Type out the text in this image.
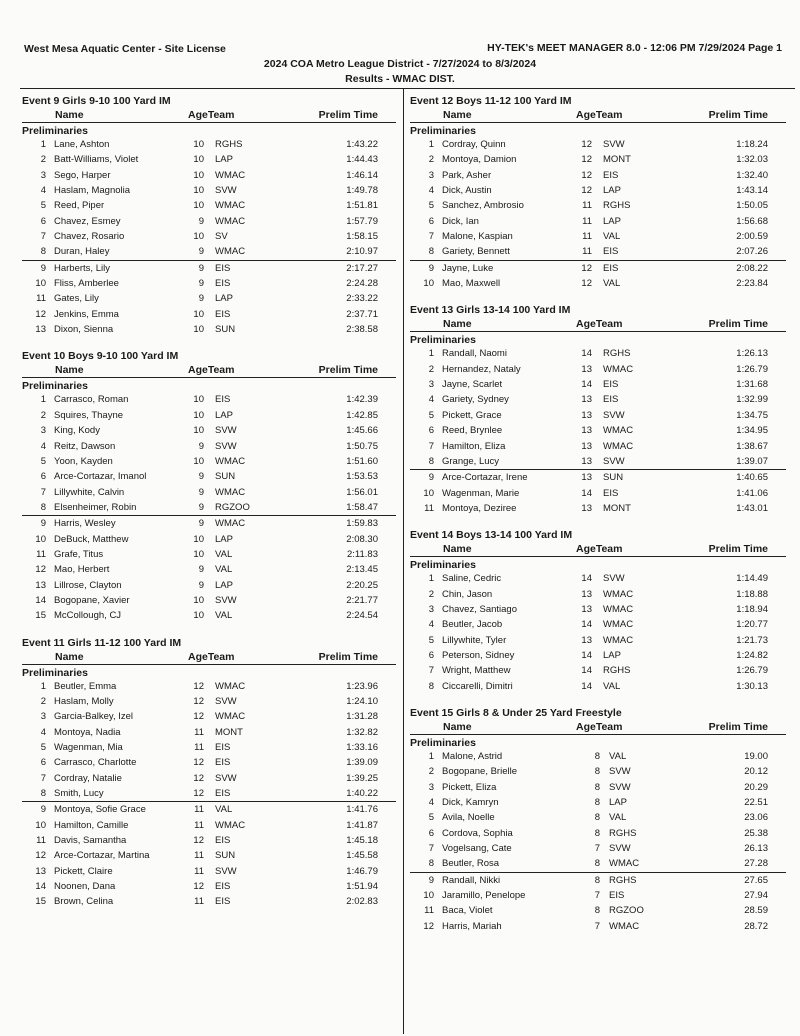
West Mesa Aquatic Center - Site License	HY-TEK's MEET MANAGER 8.0 - 12:06 PM 7/29/2024 Page 1
2024 COA Metro League District - 7/27/2024 to 8/3/2024
Results - WMAC DIST.
Event 9 Girls 9-10 100 Yard IM
Name	AgeTeam	Prelim Time
Preliminaries
1 Lane, Ashton	10 RGHS	1:43.22
2 Batt-Williams, Violet	10 LAP	1:44.43
3 Sego, Harper	10 WMAC	1:46.14
4 Haslam, Magnolia	10 SVW	1:49.78
5 Reed, Piper	10 WMAC	1:51.81
6 Chavez, Esmey	9 WMAC	1:57.79
7 Chavez, Rosario	10 SV	1:58.15
8 Duran, Haley	9 WMAC	2:10.97
9 Harberts, Lily	9 EIS	2:17.27
10 Fliss, Amberlee	9 EIS	2:24.28
11 Gates, Lily	9 LAP	2:33.22
12 Jenkins, Emma	10 EIS	2:37.71
13 Dixon, Sienna	10 SUN	2:38.58
Event 10 Boys 9-10 100 Yard IM
Name	AgeTeam	Prelim Time
Preliminaries
1 Carrasco, Roman	10 EIS	1:42.39
2 Squires, Thayne	10 LAP	1:42.85
3 King, Kody	10 SVW	1:45.66
4 Reitz, Dawson	9 SVW	1:50.75
5 Yoon, Kayden	10 WMAC	1:51.60
6 Arce-Cortazar, Imanol	9 SUN	1:53.53
7 Lillywhite, Calvin	9 WMAC	1:56.01
8 Elsenheimer, Robin	9 RGZOO	1:58.47
9 Harris, Wesley	9 WMAC	1:59.83
10 DeBuck, Matthew	10 LAP	2:08.30
11 Grafe, Titus	10 VAL	2:11.83
12 Mao, Herbert	9 VAL	2:13.45
13 Lillrose, Clayton	9 LAP	2:20.25
14 Bogopane, Xavier	10 SVW	2:21.77
15 McCollough, CJ	10 VAL	2:24.54
Event 11 Girls 11-12 100 Yard IM
Name	AgeTeam	Prelim Time
Preliminaries
1 Beutler, Emma	12 WMAC	1:23.96
2 Haslam, Molly	12 SVW	1:24.10
3 Garcia-Balkey, Izel	12 WMAC	1:31.28
4 Montoya, Nadia	11 MONT	1:32.82
5 Wagenman, Mia	11 EIS	1:33.16
6 Carrasco, Charlotte	12 EIS	1:39.09
7 Cordray, Natalie	12 SVW	1:39.25
8 Smith, Lucy	12 EIS	1:40.22
9 Montoya, Sofie Grace	11 VAL	1:41.76
10 Hamilton, Camille	11 WMAC	1:41.87
11 Davis, Samantha	12 EIS	1:45.18
12 Arce-Cortazar, Martina	11 SUN	1:45.58
13 Pickett, Claire	11 SVW	1:46.79
14 Noonen, Dana	12 EIS	1:51.94
15 Brown, Celina	11 EIS	2:02.83
Event 12 Boys 11-12 100 Yard IM
Name	AgeTeam	Prelim Time
Preliminaries
1 Cordray, Quinn	12 SVW	1:18.24
2 Montoya, Damion	12 MONT	1:32.03
3 Park, Asher	12 EIS	1:32.40
4 Dick, Austin	12 LAP	1:43.14
5 Sanchez, Ambrosio	11 RGHS	1:50.05
6 Dick, Ian	11 LAP	1:56.68
7 Malone, Kaspian	11 VAL	2:00.59
8 Gariety, Bennett	11 EIS	2:07.26
9 Jayne, Luke	12 EIS	2:08.22
10 Mao, Maxwell	12 VAL	2:23.84
Event 13 Girls 13-14 100 Yard IM
Name	AgeTeam	Prelim Time
Preliminaries
1 Randall, Naomi	14 RGHS	1:26.13
2 Hernandez, Nataly	13 WMAC	1:26.79
3 Jayne, Scarlet	14 EIS	1:31.68
4 Gariety, Sydney	13 EIS	1:32.99
5 Pickett, Grace	13 SVW	1:34.75
6 Reed, Brynlee	13 WMAC	1:34.95
7 Hamilton, Eliza	13 WMAC	1:38.67
8 Grange, Lucy	13 SVW	1:39.07
9 Arce-Cortazar, Irene	13 SUN	1:40.65
10 Wagenman, Marie	14 EIS	1:41.06
11 Montoya, Deziree	13 MONT	1:43.01
Event 14 Boys 13-14 100 Yard IM
Name	AgeTeam	Prelim Time
Preliminaries
1 Saline, Cedric	14 SVW	1:14.49
2 Chin, Jason	13 WMAC	1:18.88
3 Chavez, Santiago	13 WMAC	1:18.94
4 Beutler, Jacob	14 WMAC	1:20.77
5 Lillywhite, Tyler	13 WMAC	1:21.73
6 Peterson, Sidney	14 LAP	1:24.82
7 Wright, Matthew	14 RGHS	1:26.79
8 Ciccarelli, Dimitri	14 VAL	1:30.13
Event 15 Girls 8 & Under 25 Yard Freestyle
Name	AgeTeam	Prelim Time
Preliminaries
1 Malone, Astrid	8 VAL	19.00
2 Bogopane, Brielle	8 SVW	20.12
3 Pickett, Eliza	8 SVW	20.29
4 Dick, Kamryn	8 LAP	22.51
5 Avila, Noelle	8 VAL	23.06
6 Cordova, Sophia	8 RGHS	25.38
7 Vogelsang, Cate	7 SVW	26.13
8 Beutler, Rosa	8 WMAC	27.28
9 Randall, Nikki	8 RGHS	27.65
10 Jaramillo, Penelope	7 EIS	27.94
11 Baca, Violet	8 RGZOO	28.59
12 Harris, Mariah	7 WMAC	28.72
